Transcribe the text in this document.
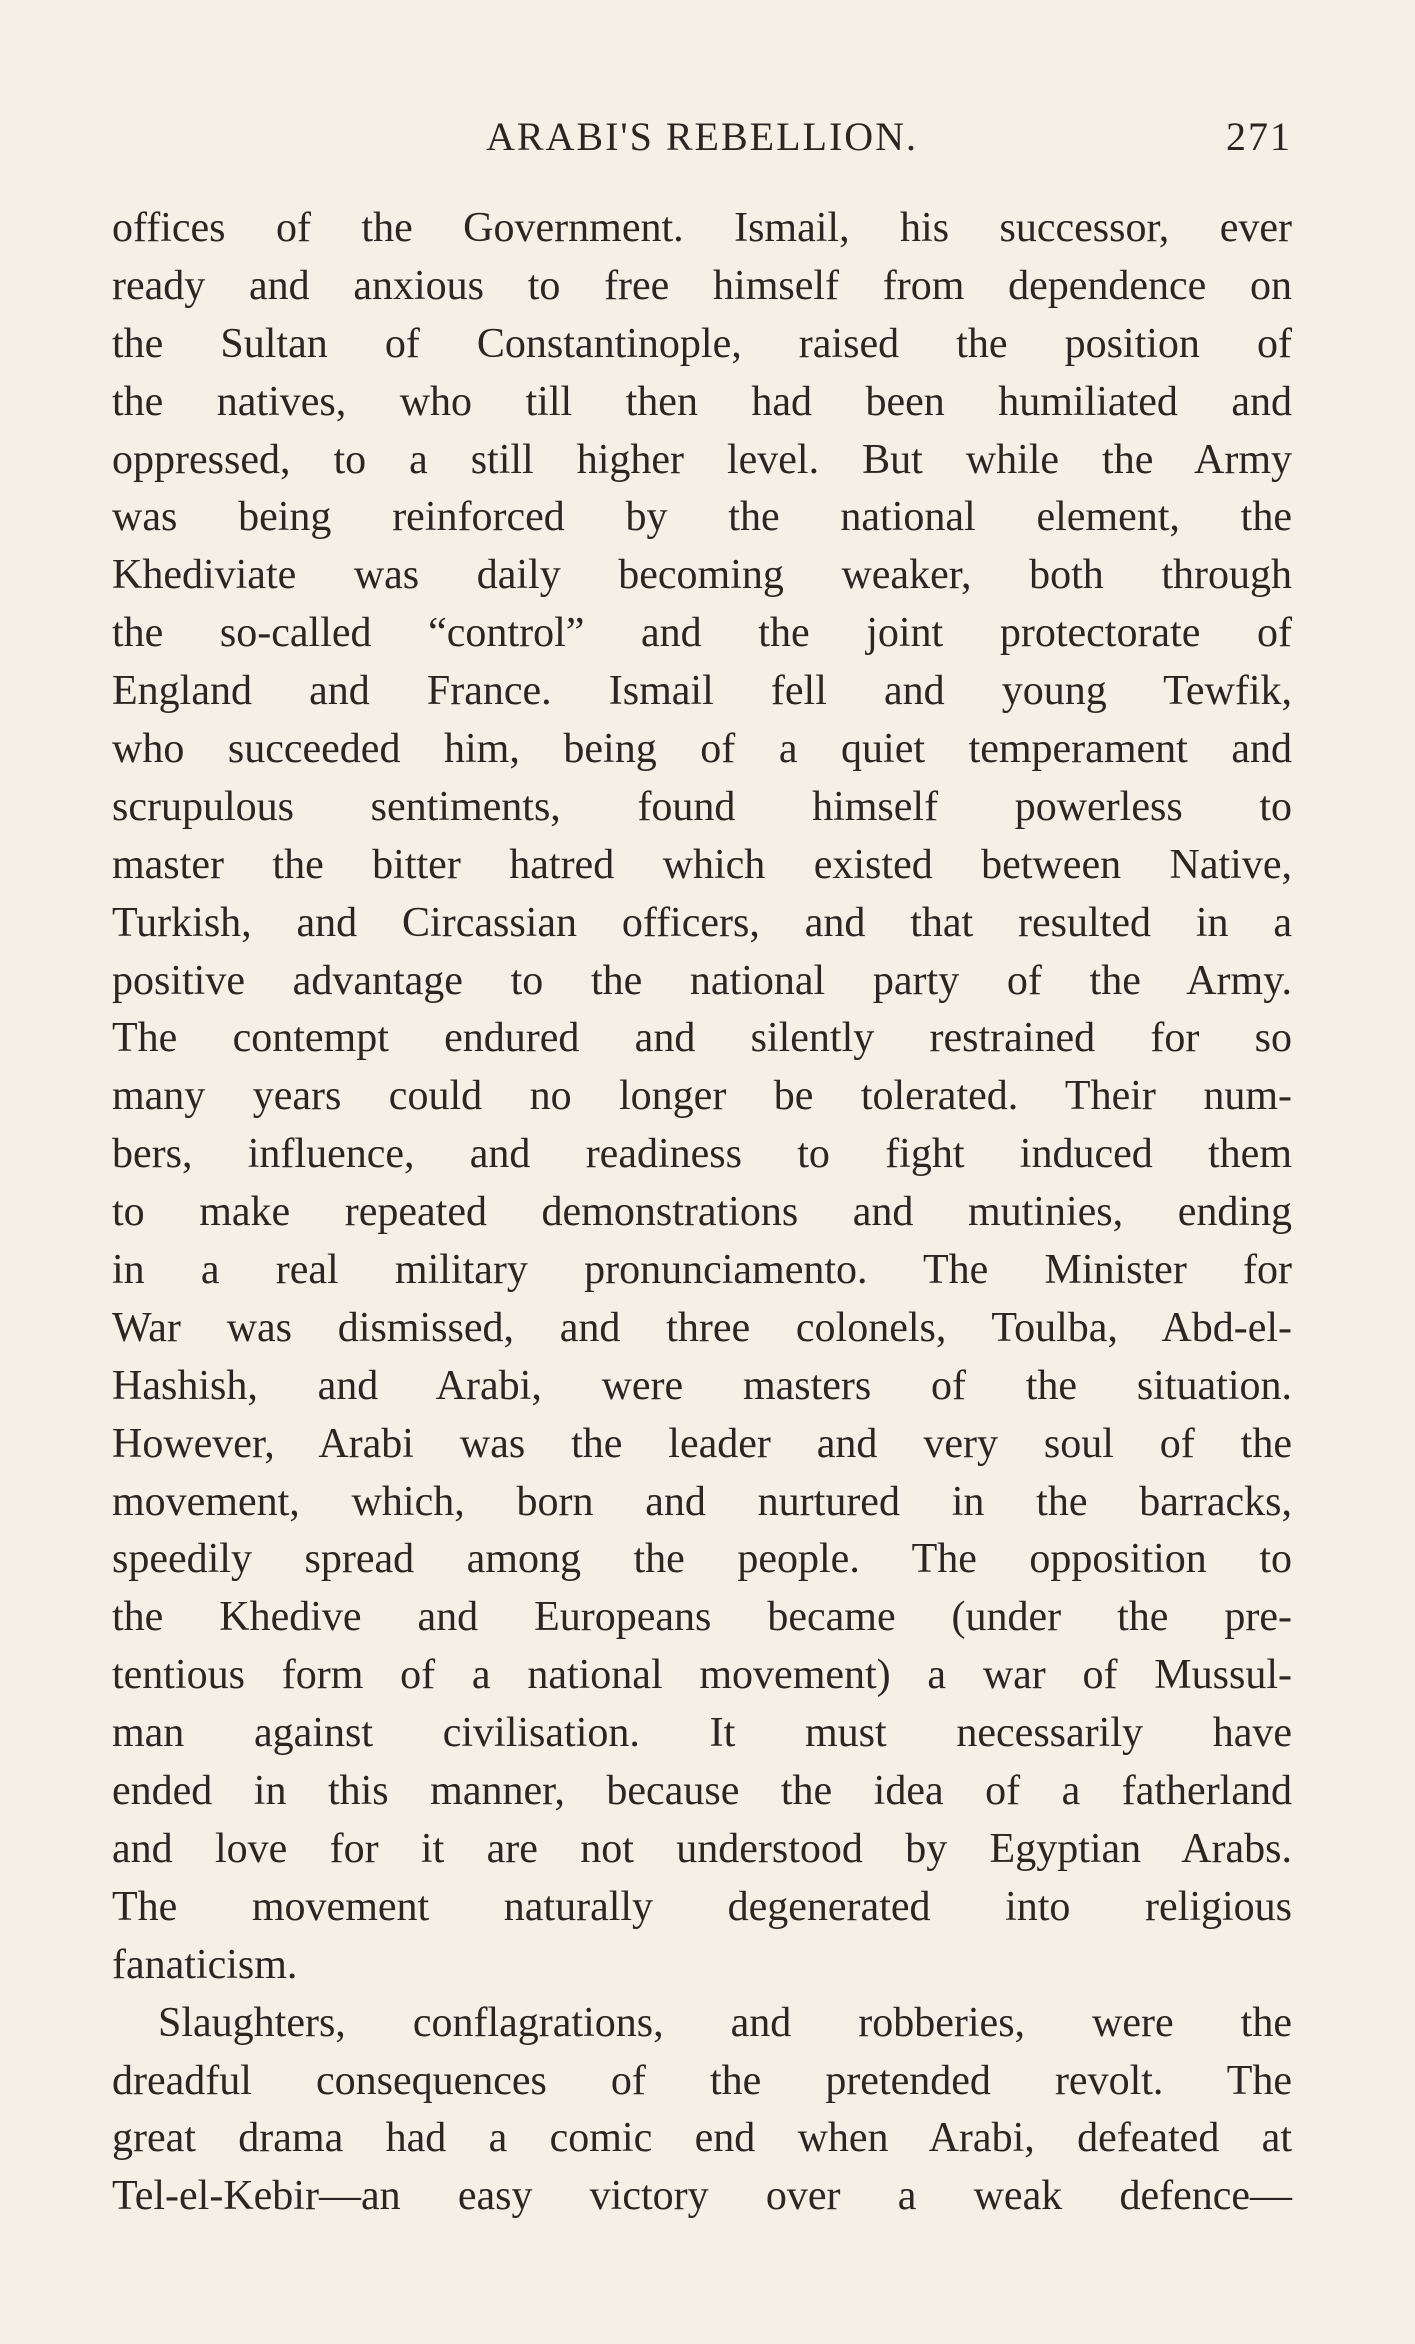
ARABI'S REBELLION.	271
offices of the Government. Ismail, his successor, ever
ready and anxious to free himself from dependence on
the Sultan of Constantinople, raised the position of
the natives, who till then had been humiliated and
oppressed, to a still higher level. But while the Army
was being reinforced by the national element, the
Khediviate was daily becoming weaker, both through
the so-called “control” and the joint protectorate of
England and France. Ismail fell and young Tewfik,
who succeeded him, being of a quiet temperament and
scrupulous sentiments, found himself powerless to
master the bitter hatred which existed between Native,
Turkish, and Circassian officers, and that resulted in a
positive advantage to the national party of the Army.
The contempt endured and silently restrained for so
many years could no longer be tolerated. Their num-
bers, influence, and readiness to fight induced them
to make repeated demonstrations and mutinies, ending
in a real military pronunciamento. The Minister for
War was dismissed, and three colonels, Toulba, Abd-el-
Hashish, and Arabi, were masters of the situation.
However, Arabi was the leader and very soul of the
movement, which, born and nurtured in the barracks,
speedily spread among the people. The opposition to
the Khedive and Europeans became (under the pre-
tentious form of a national movement) a war of Mussul-
man against civilisation. It must necessarily have
ended in this manner, because the idea of a fatherland
and love for it are not understood by Egyptian Arabs.
The movement naturally degenerated into religious
fanaticism.
Slaughters, conflagrations, and robberies, were the
dreadful consequences of the pretended revolt. The
great drama had a comic end when Arabi, defeated at
Tel-el-Kebir—an easy victory over a weak defence—
